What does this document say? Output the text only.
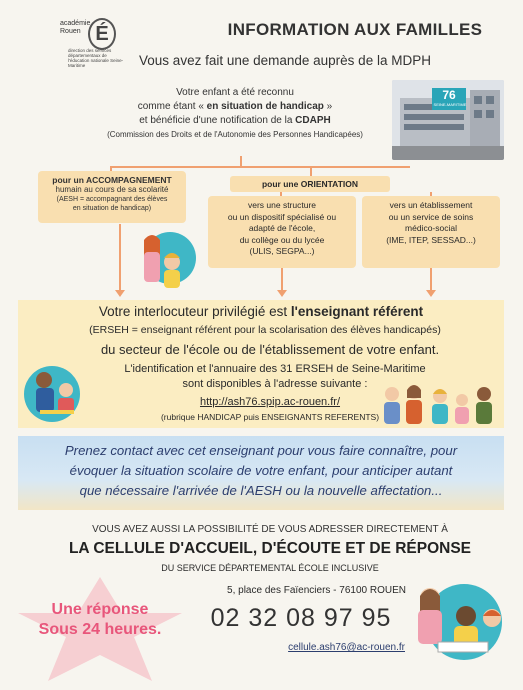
académie
Rouen É
direction des services départementaux de l'éducation nationale Seine-Maritime
INFORMATION AUX FAMILLES
Vous avez fait une demande auprès de la MDPH
Votre enfant a été reconnu
comme étant « en situation de handicap »
et bénéficie d'une notification de la CDAPH
(Commission des Droits et de l'Autonomie des Personnes Handicapées)
76
SEINE-MARITIME
pour un ACCOMPAGNEMENT
humain au cours de sa scolarité
(AESH = accompagnant des élèves
en situation de handicap)
pour une ORIENTATION
vers une structure
ou un dispositif spécialisé ou
adapté de l'école,
du collège ou du lycée
(ULIS, SEGPA...)
vers un établissement
ou un service de soins
médico-social
(IME, ITEP, SESSAD...)
Votre interlocuteur privilégié est l'enseignant référent
(ERSEH = enseignant référent pour la scolarisation des élèves handicapés)
du secteur de l'école ou de l'établissement de votre enfant.
L'identification et l'annuaire des 31 ERSEH de Seine-Maritime
sont disponibles à l'adresse suivante :
http://ash76.spip.ac-rouen.fr/
(rubrique HANDICAP puis ENSEIGNANTS REFERENTS)
Prenez contact avec cet enseignant pour vous faire connaître, pour
évoquer la situation scolaire de votre enfant, pour anticiper autant
que nécessaire l'arrivée de l'AESH ou la nouvelle affectation...
VOUS AVEZ AUSSI LA POSSIBILITÉ DE VOUS ADRESSER DIRECTEMENT À
LA CELLULE D'ACCUEIL, D'ÉCOUTE ET DE RÉPONSE
DU SERVICE DÉPARTEMENTAL ÉCOLE INCLUSIVE
5, place des Faïenciers - 76100 ROUEN
02 32 08 97 95
cellule.ash76@ac-rouen.fr
Une réponse
Sous 24 heures.
